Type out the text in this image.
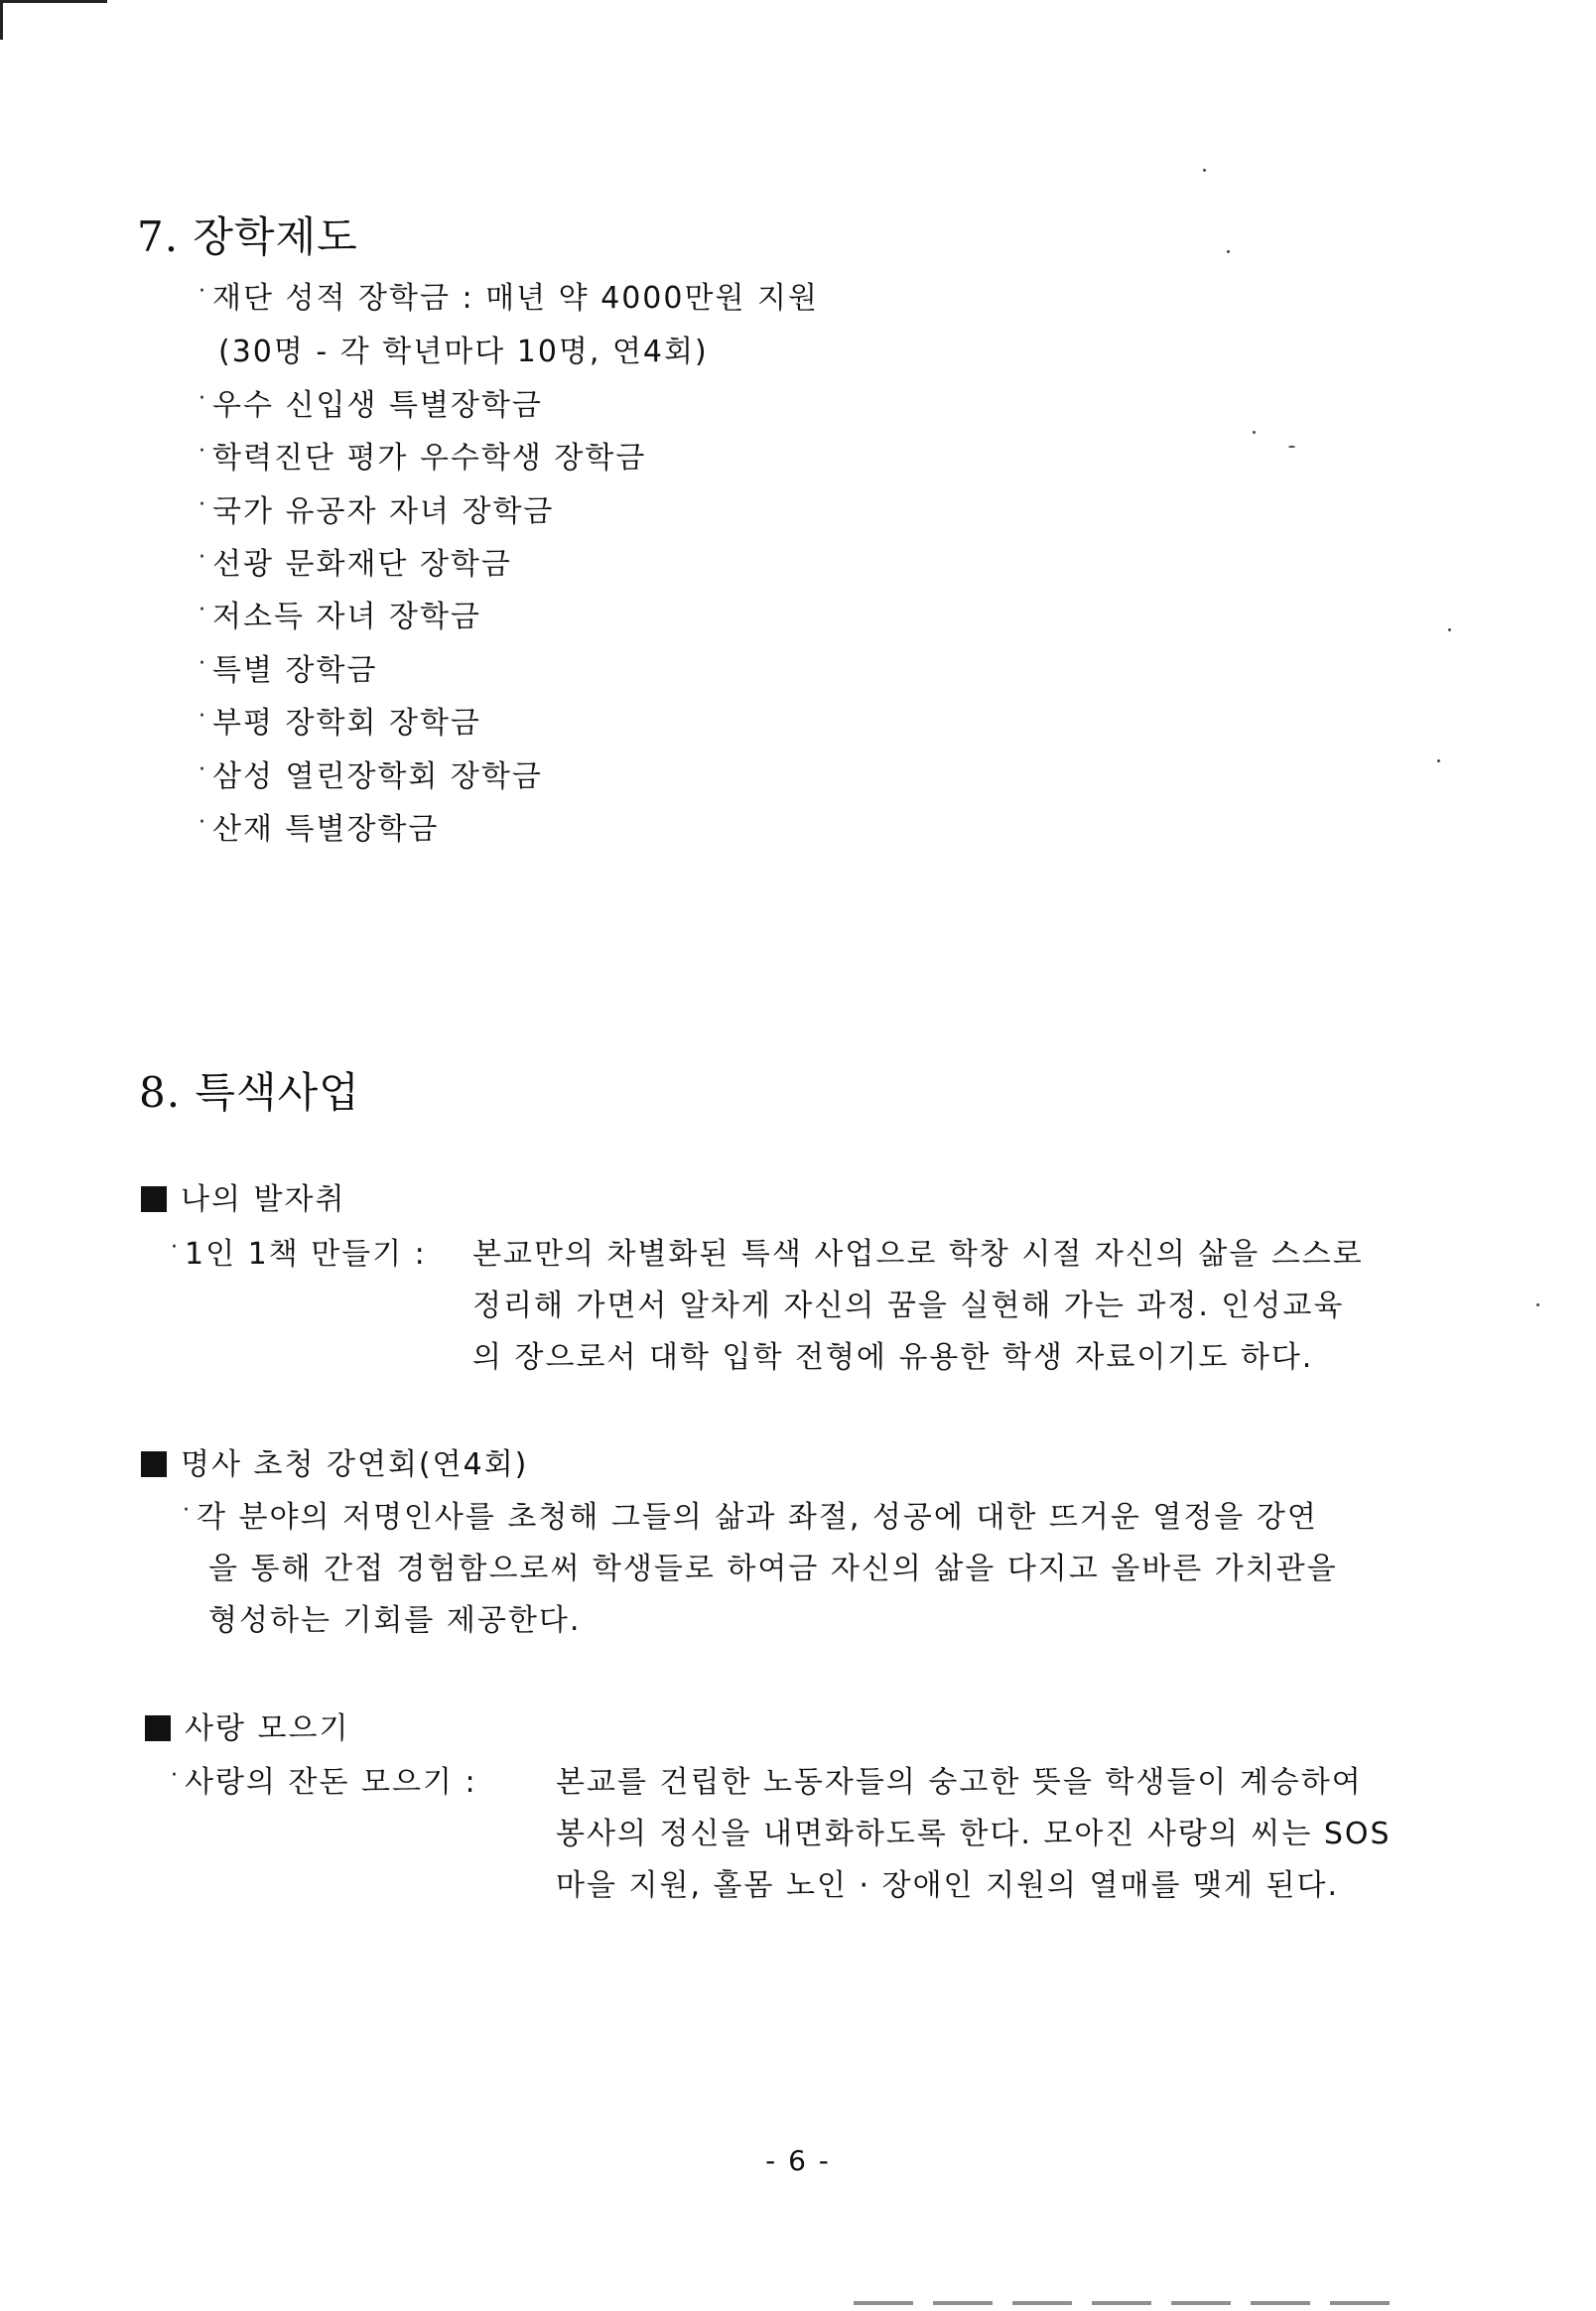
7. 장학제도
· 재단 성적 장학금 : 매년 약 4000만원 지원
(30명 - 각 학년마다 10명, 연4회)
· 우수 신입생 특별장학금
· 학력진단 평가 우수학생 장학금
· 국가 유공자 자녀 장학금
· 선광 문화재단 장학금
· 저소득 자녀 장학금
· 특별 장학금
· 부평 장학회 장학금
· 삼성 열린장학회 장학금
· 산재 특별장학금
8. 특색사업
나의 발자취
· 1인 1책 만들기 : 본교만의 차별화된 특색 사업으로 학창 시절 자신의 삶을 스스로
정리해 가면서 알차게 자신의 꿈을 실현해 가는 과정. 인성교육
의 장으로서 대학 입학 전형에 유용한 학생 자료이기도 하다.
명사 초청 강연회(연4회)
· 각 분야의 저명인사를 초청해 그들의 삶과 좌절, 성공에 대한 뜨거운 열정을 강연
을 통해 간접 경험함으로써 학생들로 하여금 자신의 삶을 다지고 올바른 가치관을
형성하는 기회를 제공한다.
사랑 모으기
· 사랑의 잔돈 모으기 :	본교를 건립한 노동자들의 숭고한 뜻을 학생들이 계승하여
봉사의 정신을 내면화하도록 한다. 모아진 사랑의 씨는 SOS
마을 지원, 홀몸 노인 · 장애인 지원의 열매를 맺게 된다.
- 6 -
